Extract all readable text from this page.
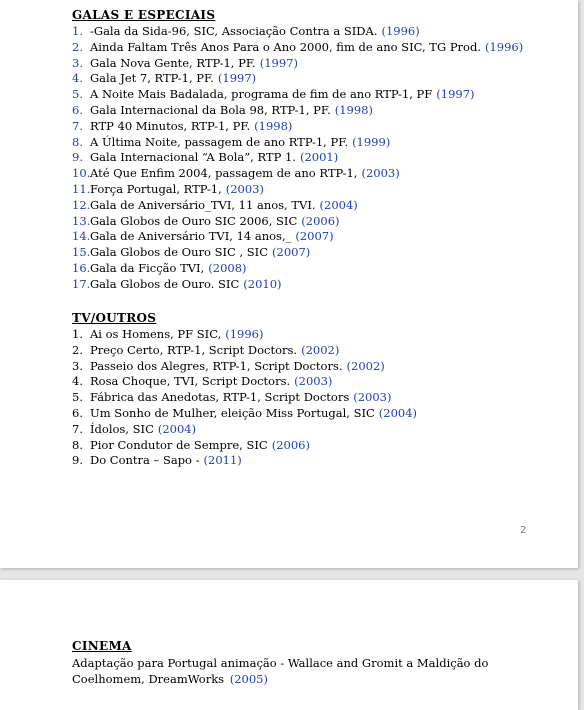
GALAS E ESPECIAIS
1. -Gala da Sida-96, SIC, Associação Contra a SIDA. (1996)
2. Ainda Faltam Três Anos Para o Ano 2000, fim de ano SIC, TG Prod. (1996)
3. Gala Nova Gente, RTP-1, PF. (1997)
4. Gala Jet 7, RTP-1, PF. (1997)
5. A Noite Mais Badalada, programa de fim de ano RTP-1, PF (1997)
6. Gala Internacional da Bola 98, RTP-1, PF. (1998)
7. RTP 40 Minutos, RTP-1, PF. (1998)
8. A Última Noite, passagem de ano RTP-1, PF. (1999)
9. Gala Internacional “A Bola”, RTP 1. (2001)
10. Até Que Enfim 2004, passagem de ano RTP-1, (2003)
11. Força Portugal, RTP-1, (2003)
12. Gala de Aniversário_TVI, 11 anos, TVI. (2004)
13. Gala Globos de Ouro SIC 2006, SIC (2006)
14. Gala de Aniversário TVI, 14 anos,_ (2007)
15. Gala Globos de Ouro SIC , SIC (2007)
16. Gala da Ficção TVI, (2008)
17. Gala Globos de Ouro. SIC (2010)
TV/OUTROS
1. Ai os Homens, PF SIC, (1996)
2. Preço Certo, RTP-1, Script Doctors. (2002)
3. Passeio dos Alegres, RTP-1, Script Doctors. (2002)
4. Rosa Choque, TVI, Script Doctors. (2003)
5. Fábrica das Anedotas, RTP-1, Script Doctors (2003)
6. Um Sonho de Mulher, eleição Miss Portugal, SIC (2004)
7. Ídolos, SIC (2004)
8. Pior Condutor de Sempre, SIC (2006)
9. Do Contra – Sapo - (2011)
2
CINEMA

Adaptação para Portugal animação - Wallace and Gromit a Maldição do Coelhomem, DreamWorks (2005)
